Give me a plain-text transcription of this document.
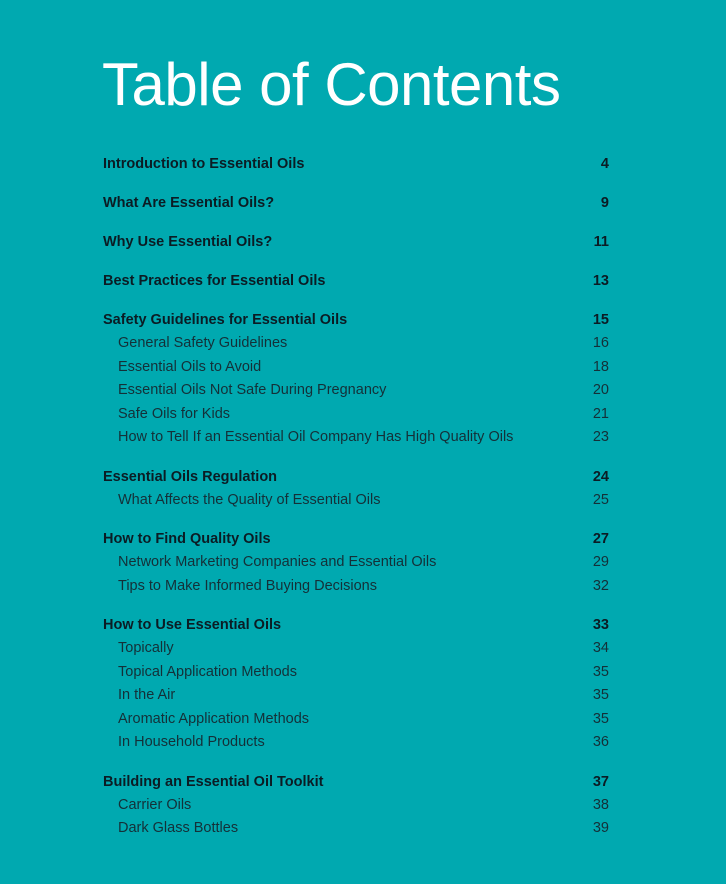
Table of Contents
Introduction to Essential Oils	4
What Are Essential Oils?	9
Why Use Essential Oils?	11
Best Practices for Essential Oils	13
Safety Guidelines for Essential Oils	15
General Safety Guidelines	16
Essential Oils to Avoid	18
Essential Oils Not Safe During Pregnancy	20
Safe Oils for Kids	21
How to Tell If an Essential Oil Company Has High Quality Oils	23
Essential Oils Regulation	24
What Affects the Quality of Essential Oils	25
How to Find Quality Oils	27
Network Marketing Companies and Essential Oils	29
Tips to Make Informed Buying Decisions	32
How to Use Essential Oils	33
Topically	34
Topical Application Methods	35
In the Air	35
Aromatic Application Methods	35
In Household Products	36
Building an Essential Oil Toolkit	37
Carrier Oils	38
Dark Glass Bottles	39
